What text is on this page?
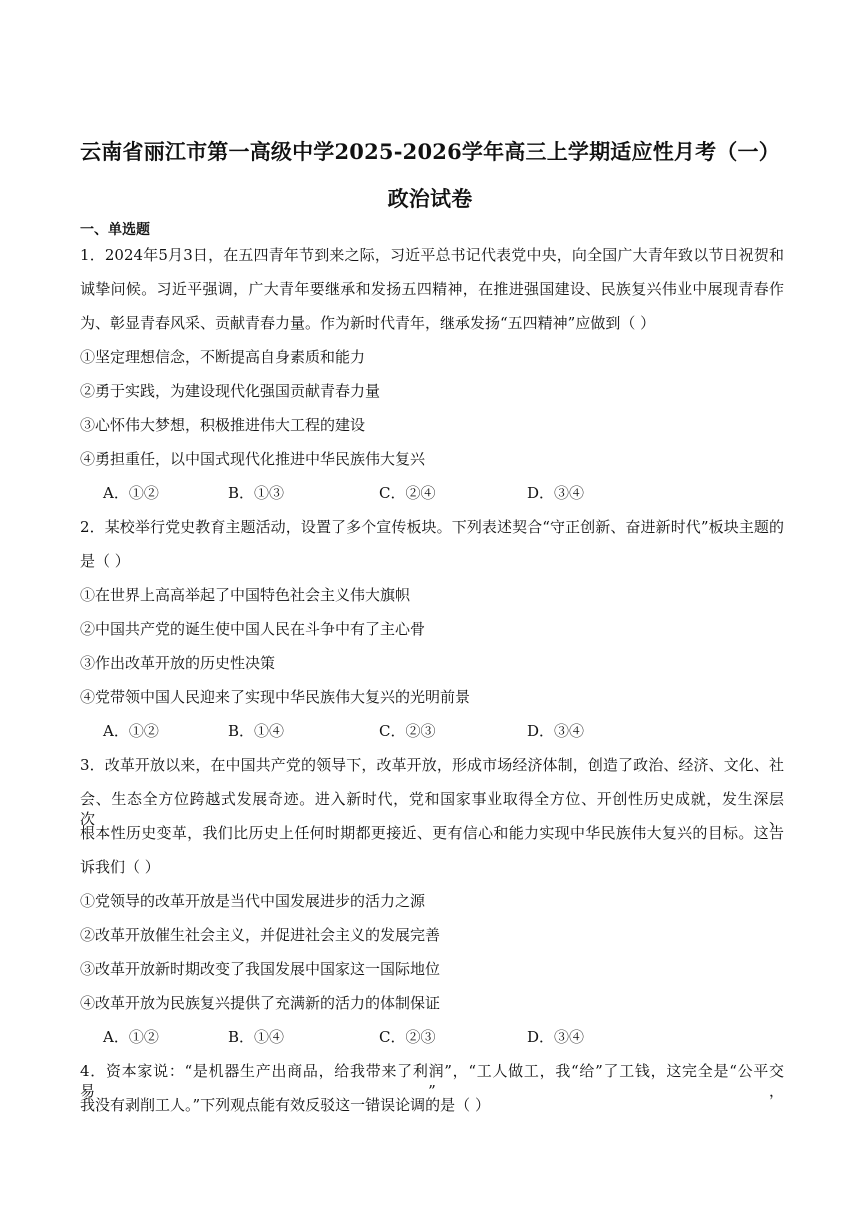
云南省丽江市第一高级中学2025-2026学年高三上学期适应性月考（一）
政治试卷
一、单选题
1．2024年5月3日，在五四青年节到来之际，习近平总书记代表党中央，向全国广大青年致以节日祝贺和
诚挚问候。习近平强调，广大青年要继承和发扬五四精神，在推进强国建设、民族复兴伟业中展现青春作
为、彰显青春风采、贡献青春力量。作为新时代青年，继承发扬“五四精神”应做到（ ）
①坚定理想信念，不断提高自身素质和能力
②勇于实践，为建设现代化强国贡献青春力量
③心怀伟大梦想，积极推进伟大工程的建设
④勇担重任，以中国式现代化推进中华民族伟大复兴
A．①②	B．①③	C．②④	D．③④
2．某校举行党史教育主题活动，设置了多个宣传板块。下列表述契合“守正创新、奋进新时代”板块主题的
是（ ）
①在世界上高高举起了中国特色社会主义伟大旗帜
②中国共产党的诞生使中国人民在斗争中有了主心骨
③作出改革开放的历史性决策
④党带领中国人民迎来了实现中华民族伟大复兴的光明前景
A．①②	B．①④	C．②③	D．③④
3．改革开放以来，在中国共产党的领导下，改革开放，形成市场经济体制，创造了政治、经济、文化、社
会、生态全方位跨越式发展奇迹。进入新时代，党和国家事业取得全方位、开创性历史成就，发生深层次、
根本性历史变革，我们比历史上任何时期都更接近、更有信心和能力实现中华民族伟大复兴的目标。这告
诉我们（ ）
①党领导的改革开放是当代中国发展进步的活力之源
②改革开放催生社会主义，并促进社会主义的发展完善
③改革开放新时期改变了我国发展中国家这一国际地位
④改革开放为民族复兴提供了充满新的活力的体制保证
A．①②	B．①④	C．②③	D．③④
4．资本家说：“是机器生产出商品，给我带来了利润”，“工人做工，我“给”了工钱，这完全是“公平交易”，
我没有剥削工人。”下列观点能有效反驳这一错误论调的是（ ）
